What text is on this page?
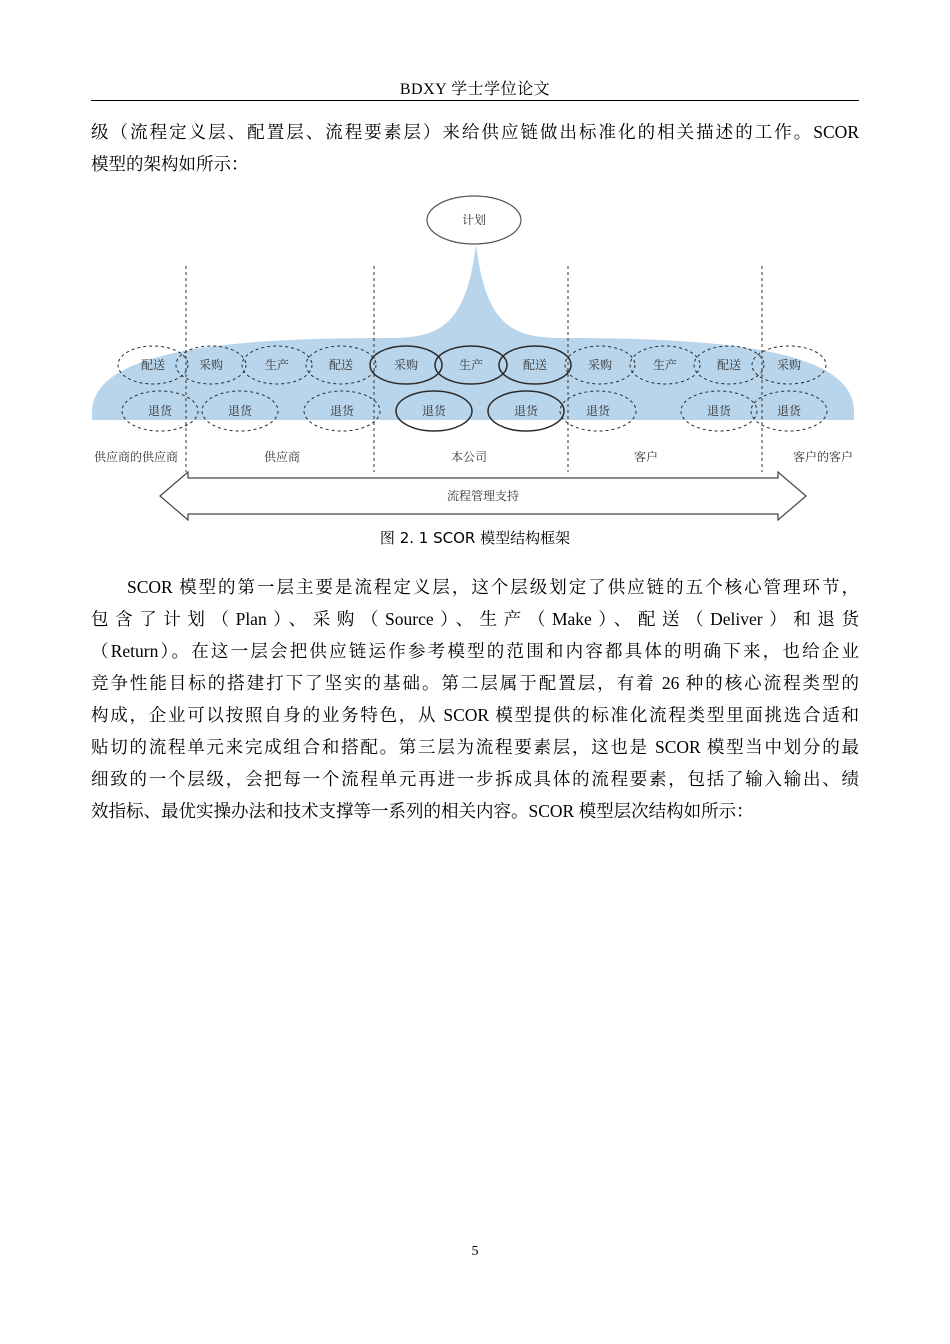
BDXY 学士学位论文
级（流程定义层、配置层、流程要素层）来给供应链做出标准化的相关描述的工作。SCOR
模型的架构如所示：
计划
配送	采购	生产	配送	采购	生产	配送	采购	生产	配送	采购
退货	退货	退货	退货	退货	退货	退货	退货
供应商的供应商	供应商	本公司	客户	客户的客户
流程管理支持
图 2. 1 SCOR 模型结构框架
SCOR 模型的第一层主要是流程定义层，这个层级划定了供应链的五个核心管理环节，
包含了计划（Plan）、采购（Source）、生产（Make）、配送（Deliver）和退货
（Return）。在这一层会把供应链运作参考模型的范围和内容都具体的明确下来，也给企业
竞争性能目标的搭建打下了坚实的基础。第二层属于配置层，有着 26 种的核心流程类型的
构成，企业可以按照自身的业务特色，从 SCOR 模型提供的标准化流程类型里面挑选合适和
贴切的流程单元来完成组合和搭配。第三层为流程要素层，这也是 SCOR 模型当中划分的最
细致的一个层级，会把每一个流程单元再进一步拆成具体的流程要素，包括了输入输出、绩
效指标、最优实操办法和技术支撑等一系列的相关内容。SCOR 模型层次结构如所示：
5
